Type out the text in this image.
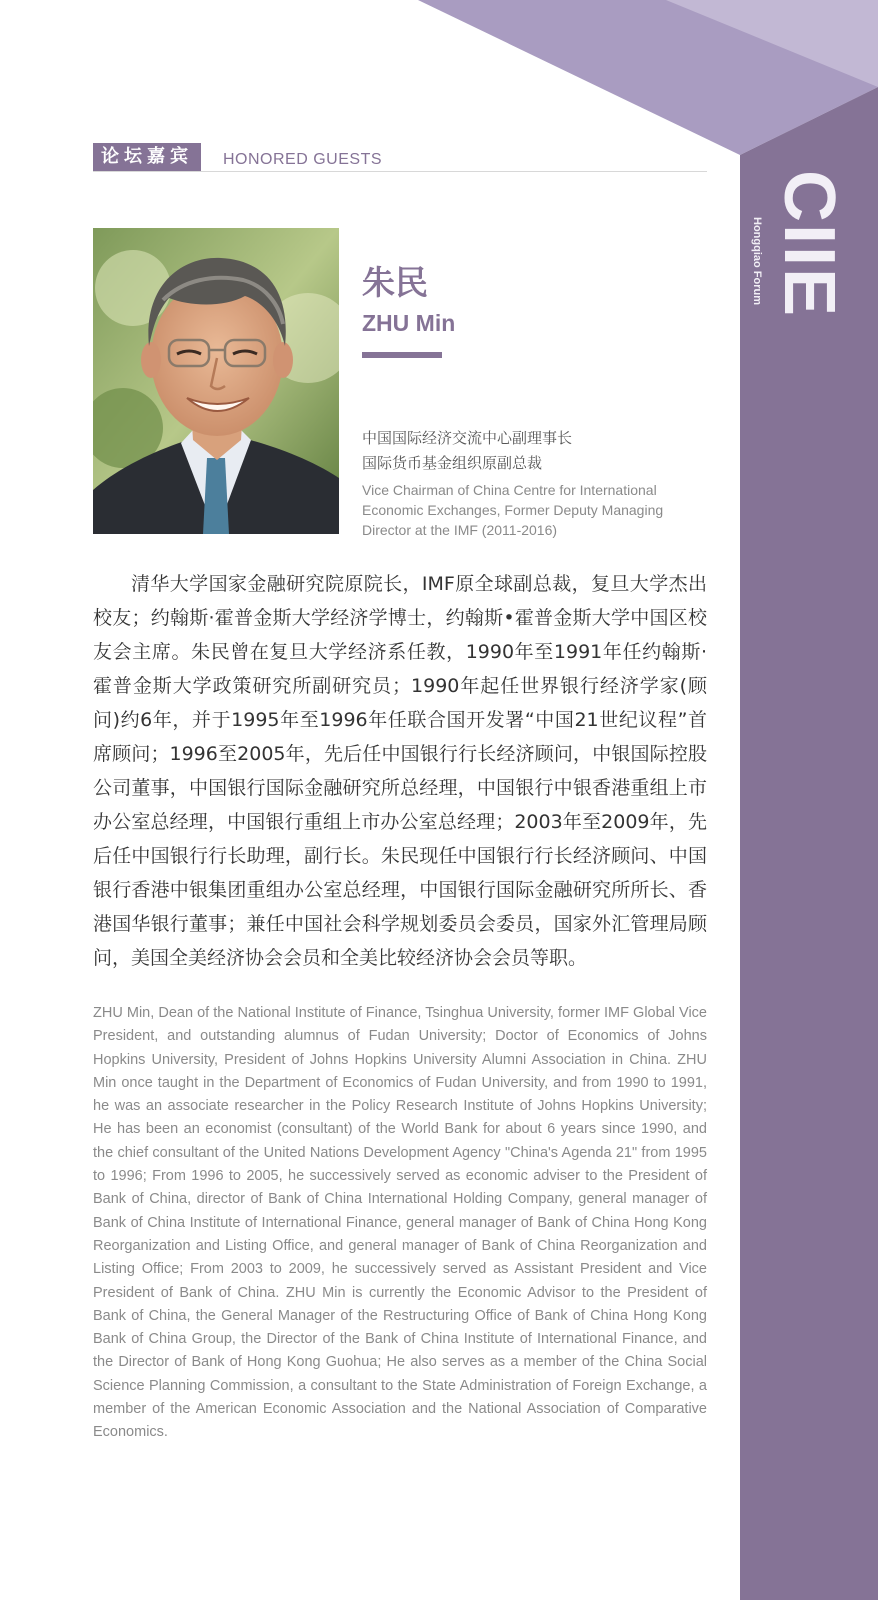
CIIE
Hongqiao Forum
论坛嘉宾	HONORED GUESTS
朱民
ZHU Min
中国国际经济交流中心副理事长
国际货币基金组织原副总裁
Vice Chairman of China Centre for International Economic Exchanges, Former Deputy Managing Director at the IMF (2011-2016)

清华大学国家金融研究院原院长，IMF原全球副总裁，复旦大学杰出校友；约翰斯·霍普金斯大学经济学博士，约翰斯•霍普金斯大学中国区校友会主席。朱民曾在复旦大学经济系任教，1990年至1991年任约翰斯·霍普金斯大学政策研究所副研究员；1990年起任世界银行经济学家(顾问)约6年，并于1995年至1996年任联合国开发署“中国21世纪议程”首席顾问；1996至2005年，先后任中国银行行长经济顾问，中银国际控股公司董事，中国银行国际金融研究所总经理，中国银行中银香港重组上市办公室总经理，中国银行重组上市办公室总经理；2003年至2009年，先后任中国银行行长助理，副行长。朱民现任中国银行行长经济顾问、中国银行香港中银集团重组办公室总经理，中国银行国际金融研究所所长、香港国华银行董事；兼任中国社会科学规划委员会委员，国家外汇管理局顾问，美国全美经济协会会员和全美比较经济协会会员等职。

ZHU Min, Dean of the National Institute of Finance, Tsinghua University, former IMF Global Vice President, and outstanding alumnus of Fudan University; Doctor of Economics of Johns Hopkins University, President of Johns Hopkins University Alumni Association in China. ZHU Min once taught in the Department of Economics of Fudan University, and from 1990 to 1991, he was an associate researcher in the Policy Research Institute of Johns Hopkins University; He has been an economist (consultant) of the World Bank for about 6 years since 1990, and the chief consultant of the United Nations Development Agency "China's Agenda 21" from 1995 to 1996; From 1996 to 2005, he successively served as economic adviser to the President of Bank of China, director of Bank of China International Holding Company, general manager of Bank of China Institute of International Finance, general manager of Bank of China Hong Kong Reorganization and Listing Office, and general manager of Bank of China Reorganization and Listing Office; From 2003 to 2009, he successively served as Assistant President and Vice President of Bank of China. ZHU Min is currently the Economic Advisor to the President of Bank of China, the General Manager of the Restructuring Office of Bank of China Hong Kong Bank of China Group, the Director of the Bank of China Institute of International Finance, and the Director of Bank of Hong Kong Guohua; He also serves as a member of the China Social Science Planning Commission, a consultant to the State Administration of Foreign Exchange, a member of the American Economic Association and the National Association of Comparative Economics.
